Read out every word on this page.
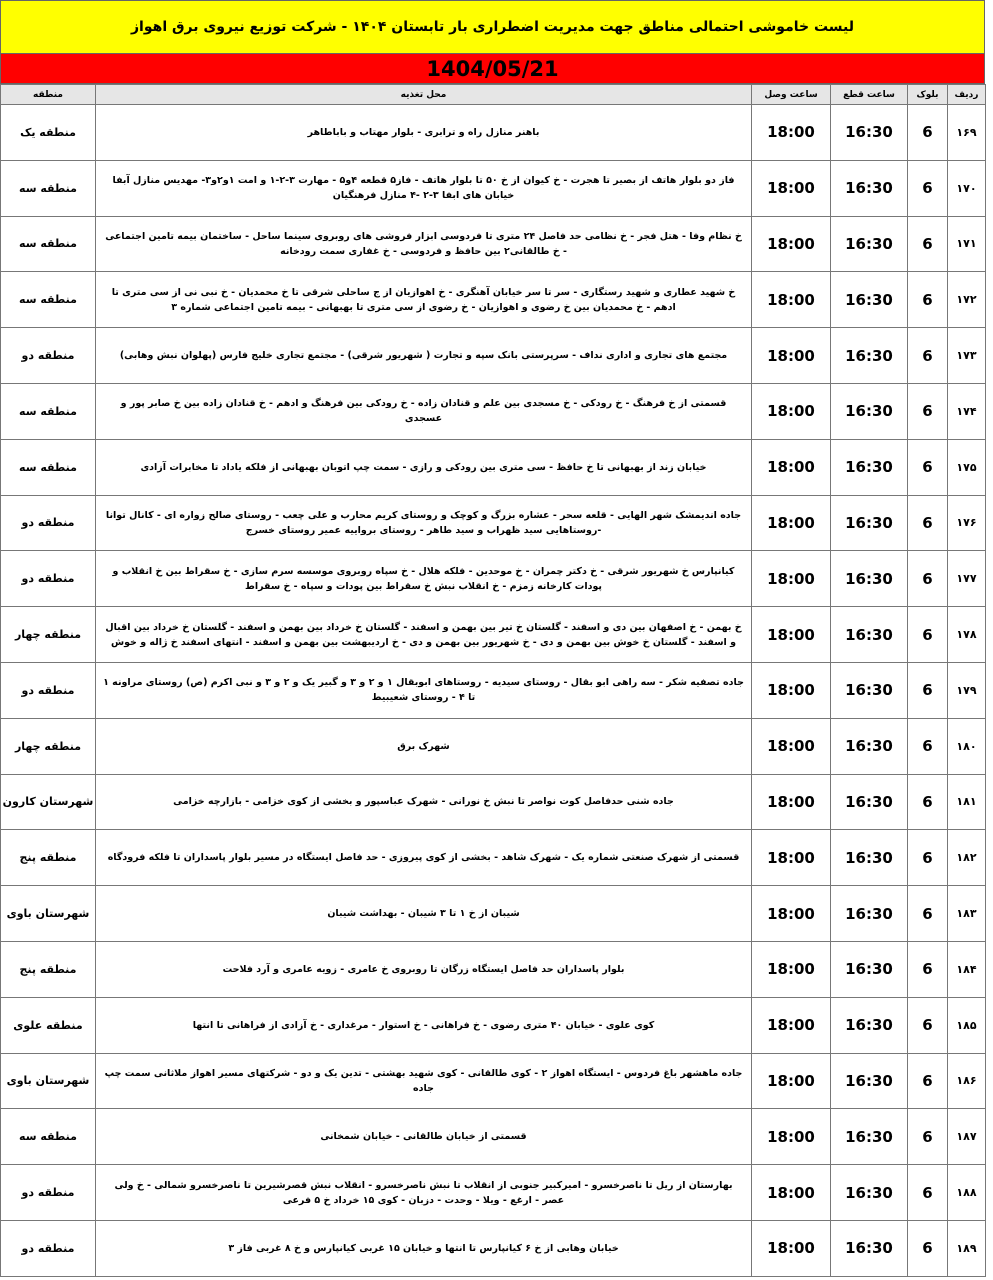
لیست خاموشی احتمالی مناطق جهت مدیریت اضطراری بار تابستان ۱۴۰۴ - شرکت توزیع نیروی برق اهواز
1404/05/21
ردیف	بلوک	ساعت قطع	ساعت وصل	محل تغذیه	منطقه
۱۶۹	6	16:30	18:00	باهنر منازل راه و ترابری - بلوار مهتاب و باباطاهر	منطقه یک
۱۷۰	6	16:30	18:00	فاز دو بلوار هاتف از بصیر تا هجرت - خ کیوان از خ ۵۰ تا بلوار هاتف - فاز۵ قطعه ۴و۵ - مهارت ۳-۲-۱ و امت ۱و۲و۳- مهدیس منازل آبفا خیابان های ابفا ۳-۲ -۴ منازل فرهنگیان	منطقه سه
۱۷۱	6	16:30	18:00	خ نظام وفا - هتل فجر - خ نظامی حد فاصل ۲۴ متری تا فردوسی ابزار فروشی های روبروی سینما ساحل - ساختمان بیمه تامین اجتماعی - خ طالقانی۲ بین حافظ و فردوسی - خ غفاری سمت رودخانه	منطقه سه
۱۷۲	6	16:30	18:00	خ شهید عطاری و شهید رستگاری - سر تا سر خیابان آهنگری - خ اهوازیان از ج ساحلی شرقی تا خ محمدیان - خ نبی نی از سی متری تا ادهم - خ محمدیان بین خ رضوی و اهوازیان - خ رضوی از سی متری تا بهبهانی - بیمه تامین اجتماعی شماره ۳	منطقه سه
۱۷۳	6	16:30	18:00	مجتمع های تجاری و اداری نداف - سرپرستی بانک سپه و تجارت ( شهریور شرقی) - مجتمع تجاری خلیج فارس (پهلوان نبش وهابی)	منطقه دو
۱۷۴	6	16:30	18:00	قسمتی از خ فرهنگ - خ رودکی - خ مسجدی بین علم و قنادان زاده - خ رودکی بین فرهنگ و ادهم - خ قنادان زاده بین خ صابر پور و عسجدی	منطقه سه
۱۷۵	6	16:30	18:00	خیابان زند از بهبهانی تا خ حافظ - سی متری بین رودکی و رازی - سمت چپ اتوبان بهبهانی از فلکه یاداد تا مخابرات آزادی	منطقه سه
۱۷۶	6	16:30	18:00	جاده اندیمشک شهر الهایی - قلعه سحر - عشاره بزرگ و کوچک و روستای کریم محارب و علی چعب - روستای صالح زواره ای - کانال توانا -روستاهایی سید ظهراب و سید طاهر - روستای برواییه عمیر روستای خسرج	منطقه دو
۱۷۷	6	16:30	18:00	کیانپارس خ شهریور شرقی - خ دکتر چمران - خ موحدین - فلکه هلال - خ سپاه روبروی موسسه سرم سازی - خ سقراط بین خ انقلاب و پودات کارخانه زمزم - خ انقلاب نبش خ سقراط بین پودات و سپاه - خ سقراط	منطقه دو
۱۷۸	6	16:30	18:00	خ بهمن - خ اصفهان بین دی و اسفند - گلستان خ تیر بین بهمن و اسفند - گلستان خ خرداد بین بهمن و اسفند - گلستان خ خرداد بین اقبال و اسفند - گلستان خ خوش بین بهمن و دی - خ شهریور بین بهمن و دی - خ اردیبهشت بین بهمن و اسفند - انتهای اسفند خ ژاله و خوش	منطقه چهار
۱۷۹	6	16:30	18:00	جاده تصفیه شکر - سه راهی ابو بقال - روستای سیدیه - روستاهای ابوبقال ۱ و ۲ و ۳ و گبیر یک و ۲ و ۳ و نبی اکرم (ص) روستای مراونه ۱ تا ۴ - روستای شعیبیط	منطقه دو
۱۸۰	6	16:30	18:00	شهرک برق	منطقه چهار
۱۸۱	6	16:30	18:00	جاده شنی حدفاصل کوت نواصر تا نبش خ نورانی - شهرک عباسپور و بخشی از کوی خزامی - بازارچه خزامی	شهرستان کارون
۱۸۲	6	16:30	18:00	قسمتی از شهرک صنعتی شماره یک - شهرک شاهد - بخشی از کوی پیروزی - حد فاصل ایستگاه در مسیر بلوار پاسداران تا فلکه فرودگاه	منطقه پنج
۱۸۳	6	16:30	18:00	شیبان از خ ۱ تا ۳ شیبان - بهداشت شیبان	شهرستان باوی
۱۸۴	6	16:30	18:00	بلوار پاسداران حد فاصل ایستگاه زرگان تا روبروی خ عامری - زویه عامری و آرد فلاحت	منطقه پنج
۱۸۵	6	16:30	18:00	کوی علوی - خیابان ۴۰ متری رضوی - خ فراهانی - خ استوار - مرغداری - خ آزادی از فراهانی تا انتها	منطقه علوی
۱۸۶	6	16:30	18:00	جاده ماهشهر باغ فردوس - ایستگاه اهواز ۲ - کوی طالقانی - کوی شهید بهشتی - تدین یک و دو - شرکتهای مسیر اهواز ملاثانی سمت چپ جاده	شهرستان باوی
۱۸۷	6	16:30	18:00	قسمتی از خیابان طالقانی - خیابان شمخانی	منطقه سه
۱۸۸	6	16:30	18:00	بهارستان از ریل تا ناصرخسرو - امیرکبیر جنوبی از انقلاب تا نبش ناصرخسرو - انقلاب نبش قصرشیرین تا ناصرخسرو شمالی - خ ولی عصر - ارغع - ویلا - وحدت - دزبان - کوی ۱۵ خرداد خ ۵ فرعی	منطقه دو
۱۸۹	6	16:30	18:00	خیابان وهابی از خ ۶ کیانپارس تا انتها و خیابان ۱۵ غربی کیانپارس و خ ۸ غربی فاز ۳	منطقه دو
